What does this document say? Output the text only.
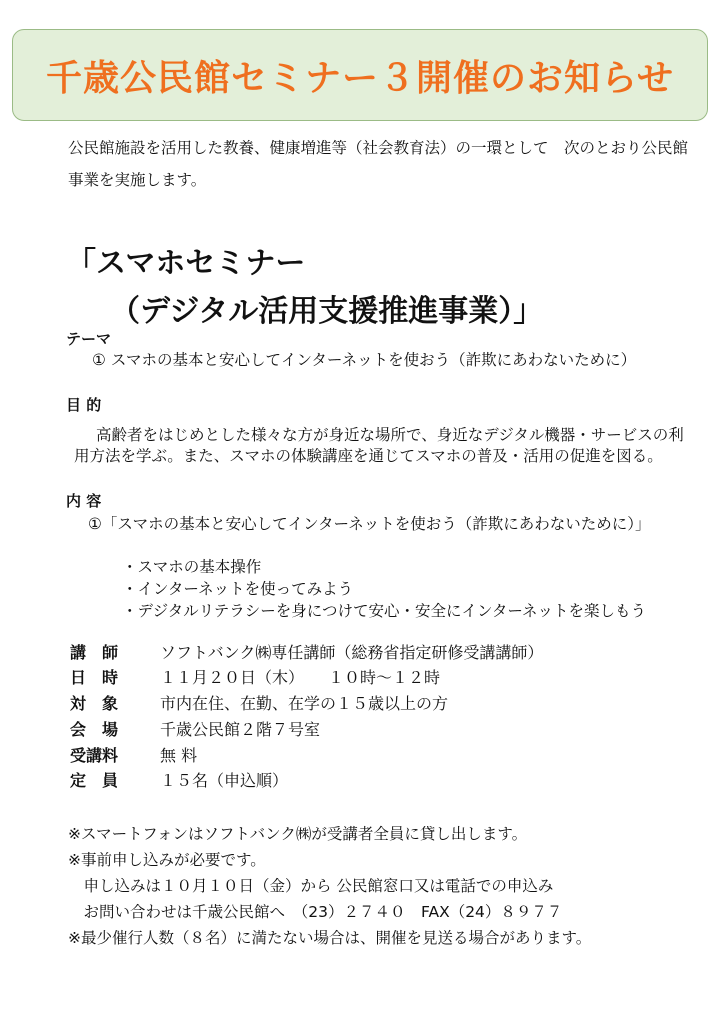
千歳公民館セミナー３開催のお知らせ
公民館施設を活用した教養、健康増進等（社会教育法）の一環として　次のとおり公民館事業を実施します。
「スマホセミナー
（デジタル活用支援推進事業）」
テーマ
① スマホの基本と安心してインターネットを使おう（詐欺にあわないために）
目 的
高齢者をはじめとした様々な方が身近な場所で、身近なデジタル機器・サービスの利用方法を学ぶ。また、スマホの体験講座を通じてスマホの普及・活用の促進を図る。
内 容
①「スマホの基本と安心してインターネットを使おう（詐欺にあわないために）」
・スマホの基本操作
・インターネットを使ってみよう
・デジタルリテラシーを身につけて安心・安全にインターネットを楽しもう
講　師	ソフトバンク㈱専任講師（総務省指定研修受講講師）
日　時	１１月２０日（木）　　１０時～１２時
対　象	市内在住、在勤、在学の１５歳以上の方
会　場	千歳公民館２階７号室
受講料	無 料
定　員	１５名（申込順）
※スマートフォンはソフトバンク㈱が受講者全員に貸し出します。
※事前申し込みが必要です。
　申し込みは１０月１０日（金）から 公民館窓口又は電話での申込み
　お問い合わせは千歳公民館へ　（23）２７４０　FAX（24）８９７７
※最少催行人数（８名）に満たない場合は、開催を見送る場合があります。
